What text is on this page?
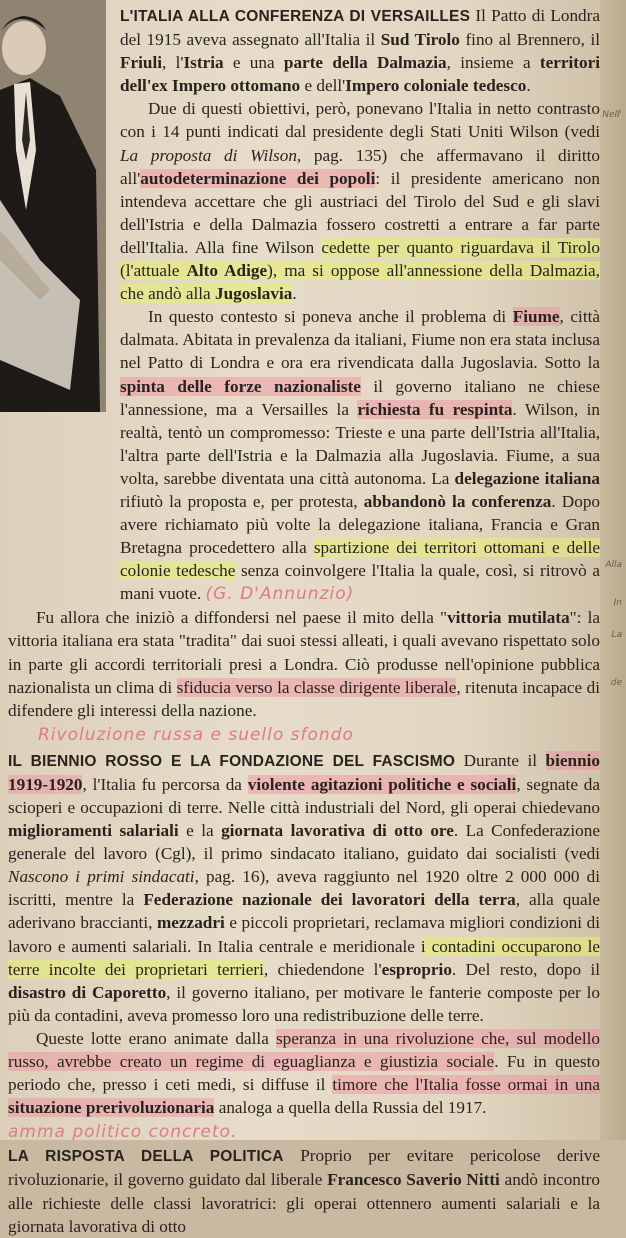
L'ITALIA ALLA CONFERENZA DI VERSAILLES Il Patto di Londra del 1915 aveva assegnato all'Italia il Sud Tirolo fino al Brennero, il Friuli, l'Istria e una parte della Dalmazia, insieme a territori dell'ex Impero ottomano e dell'Impero coloniale tedesco.

Due di questi obiettivi, però, ponevano l'Italia in netto contrasto con i 14 punti indicati dal presidente degli Stati Uniti Wilson (vedi La proposta di Wilson, pag. 135) che affermavano il diritto all'autodeterminazione dei popoli: il presidente americano non intendeva accettare che gli austriaci del Tirolo del Sud e gli slavi dell'Istria e della Dalmazia fossero costretti a entrare a far parte dell'Italia. Alla fine Wilson cedette per quanto riguardava il Tirolo (l'attuale Alto Adige), ma si oppose all'annessione della Dalmazia, che andò alla Jugoslavia.

In questo contesto si poneva anche il problema di Fiume, città dalmata. Abitata in prevalenza da italiani, Fiume non era stata inclusa nel Patto di Londra e ora era rivendicata dalla Jugoslavia. Sotto la spinta delle forze nazionaliste il governo italiano ne chiese l'annessione, ma a Versailles la richiesta fu respinta. Wilson, in realtà, tentò un compromesso: Trieste e una parte dell'Istria all'Italia, l'altra parte dell'Istria e la Dalmazia alla Jugoslavia. Fiume, a sua volta, sarebbe diventata una città autonoma. La delegazione italiana rifiutò la proposta e, per protesta, abbandonò la conferenza. Dopo avere richiamato più volte la delegazione italiana, Francia e Gran Bretagna procedettero alla spartizione dei territori ottomani e delle colonie tedesche senza coinvolgere l'Italia la quale, così, si ritrovò a mani vuote. (G. D'Annunzio)

Fu allora che iniziò a diffondersi nel paese il mito della "vittoria mutilata": la vittoria italiana era stata "tradita" dai suoi stessi alleati, i quali avevano rispettato solo in parte gli accordi territoriali presi a Londra. Ciò produsse nell'opinione pubblica nazionalista un clima di sfiducia verso la classe dirigente liberale, ritenuta incapace di difendere gli interessi della nazione.

Rivoluzione russa e suello sfondo

IL BIENNIO ROSSO E LA FONDAZIONE DEL FASCISMO Durante il biennio 1919-1920, l'Italia fu percorsa da violente agitazioni politiche e sociali, segnate da scioperi e occupazioni di terre. Nelle città industriali del Nord, gli operai chiedevano miglioramenti salariali e la giornata lavorativa di otto ore. La Confederazione generale del lavoro (Cgl), il primo sindacato italiano, guidato dai socialisti (vedi Nascono i primi sindacati, pag. 16), aveva raggiunto nel 1920 oltre 2 000 000 di iscritti, mentre la Federazione nazionale dei lavoratori della terra, alla quale aderivano braccianti, mezzadri e piccoli proprietari, reclamava migliori condizioni di lavoro e aumenti salariali. In Italia centrale e meridionale i contadini occuparono le terre incolte dei proprietari terrieri, chiedendone l'esproprio. Del resto, dopo il disastro di Caporetto, il governo italiano, per motivare le fanterie composte per lo più da contadini, aveva promesso loro una redistribuzione delle terre.

Queste lotte erano animate dalla speranza in una rivoluzione che, sul modello russo, avrebbe creato un regime di eguaglianza e giustizia sociale. Fu in questo periodo che, presso i ceti medi, si diffuse il timore che l'Italia fosse ormai in una situazione prerivoluzionaria analoga a quella della Russia del 1917.

amma politico concreto.

LA RISPOSTA DELLA POLITICA Proprio per evitare pericolose derive rivoluzionarie, il governo guidato dal liberale Francesco Saverio Nitti andò incontro alle richieste delle classi lavoratrici: gli operai ottennero aumenti salariali e la giornata lavorativa di otto

Nell'
Alla
In
La
de
